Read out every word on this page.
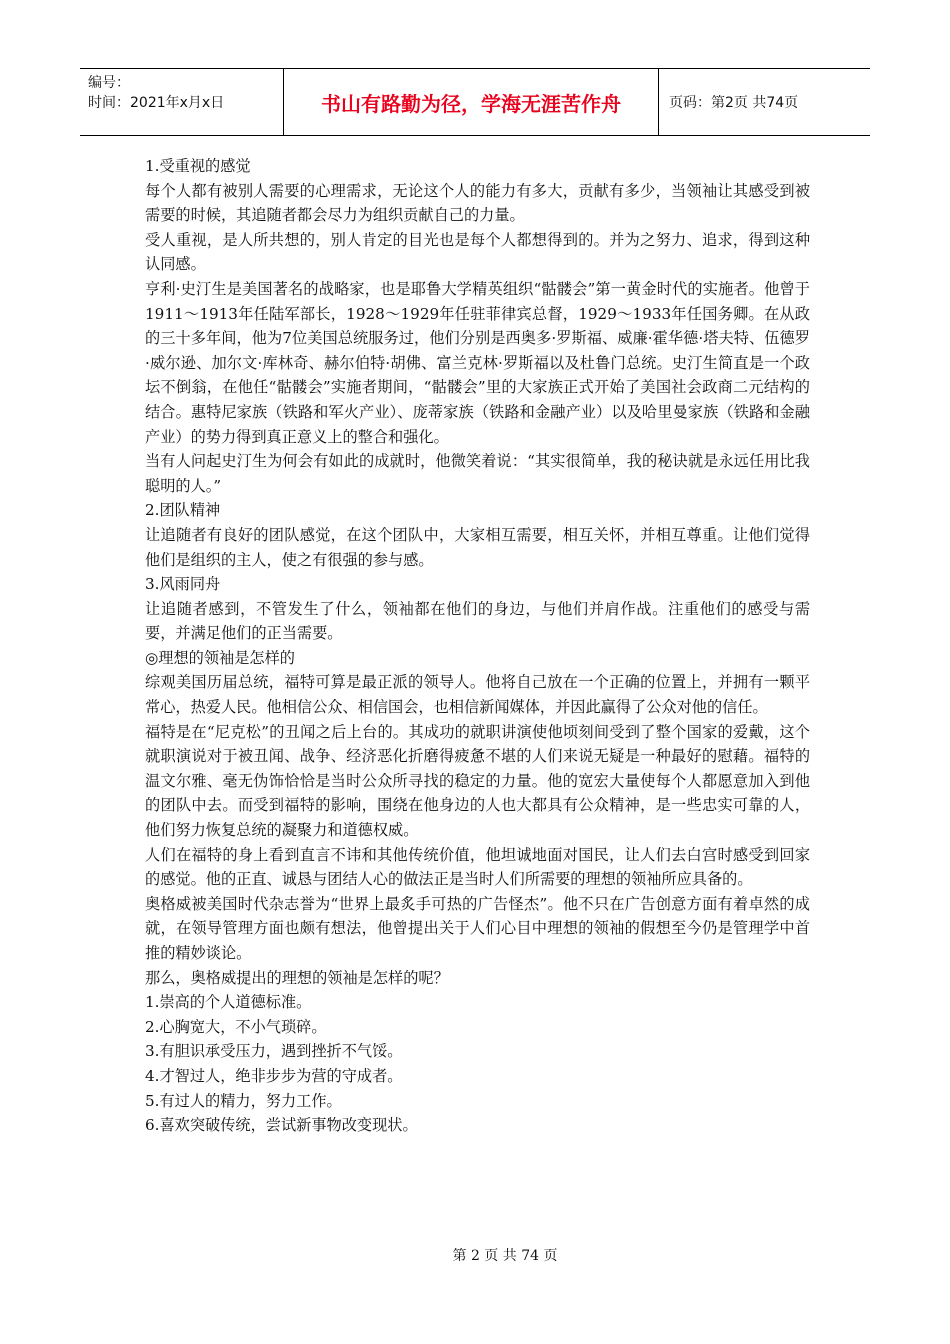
编号：
时间：2021年x月x日	书山有路勤为径，学海无涯苦作舟	页码：第2页 共74页

1.受重视的感觉

每个人都有被别人需要的心理需求，无论这个人的能力有多大，贡献有多少，当领袖让其感受到被需要的时候，其追随者都会尽力为组织贡献自己的力量。

受人重视，是人所共想的，别人肯定的目光也是每个人都想得到的。并为之努力、追求，得到这种认同感。

亨利·史汀生是美国著名的战略家，也是耶鲁大学精英组织“骷髅会”第一黄金时代的实施者。他曾于1911～1913年任陆军部长，1928～1929年任驻菲律宾总督，1929～1933年任国务卿。在从政的三十多年间，他为7位美国总统服务过，他们分别是西奥多·罗斯福、威廉·霍华德·塔夫特、伍德罗·威尔逊、加尔文·库林奇、赫尔伯特·胡佛、富兰克林·罗斯福以及杜鲁门总统。史汀生简直是一个政坛不倒翁，在他任“骷髅会”实施者期间，“骷髅会”里的大家族正式开始了美国社会政商二元结构的结合。惠特尼家族（铁路和军火产业）、庞蒂家族（铁路和金融产业）以及哈里曼家族（铁路和金融产业）的势力得到真正意义上的整合和强化。

当有人问起史汀生为何会有如此的成就时，他微笑着说：“其实很简单，我的秘诀就是永远任用比我聪明的人。”

2.团队精神

让追随者有良好的团队感觉，在这个团队中，大家相互需要，相互关怀，并相互尊重。让他们觉得他们是组织的主人，使之有很强的参与感。

3.风雨同舟

让追随者感到，不管发生了什么，领袖都在他们的身边，与他们并肩作战。注重他们的感受与需要，并满足他们的正当需要。

◎理想的领袖是怎样的

综观美国历届总统，福特可算是最正派的领导人。他将自己放在一个正确的位置上，并拥有一颗平常心，热爱人民。他相信公众、相信国会，也相信新闻媒体，并因此赢得了公众对他的信任。

福特是在“尼克松”的丑闻之后上台的。其成功的就职讲演使他顷刻间受到了整个国家的爱戴，这个就职演说对于被丑闻、战争、经济恶化折磨得疲惫不堪的人们来说无疑是一种最好的慰藉。福特的温文尔雅、毫无伪饰恰恰是当时公众所寻找的稳定的力量。他的宽宏大量使每个人都愿意加入到他的团队中去。而受到福特的影响，围绕在他身边的人也大都具有公众精神，是一些忠实可靠的人，他们努力恢复总统的凝聚力和道德权威。

人们在福特的身上看到直言不讳和其他传统价值，他坦诚地面对国民，让人们去白宫时感受到回家的感觉。他的正直、诚恳与团结人心的做法正是当时人们所需要的理想的领袖所应具备的。

奥格威被美国时代杂志誉为“世界上最炙手可热的广告怪杰”。他不只在广告创意方面有着卓然的成就，在领导管理方面也颇有想法，他曾提出关于人们心目中理想的领袖的假想至今仍是管理学中首推的精妙谈论。

那么，奥格威提出的理想的领袖是怎样的呢？

1.崇高的个人道德标准。

2.心胸宽大，不小气琐碎。

3.有胆识承受压力，遇到挫折不气馁。

4.才智过人，绝非步步为营的守成者。

5.有过人的精力，努力工作。

6.喜欢突破传统，尝试新事物改变现状。

第 2 页 共 74 页
